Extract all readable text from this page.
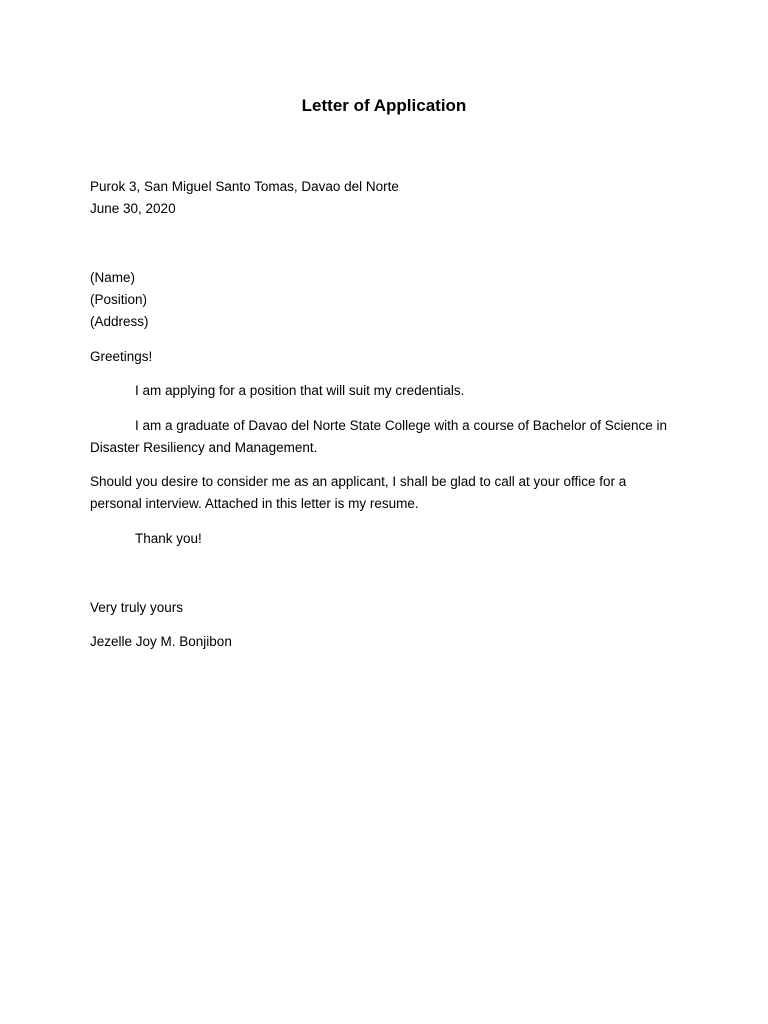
Letter of Application
Purok 3, San Miguel Santo Tomas, Davao del Norte
June 30, 2020
(Name)
(Position)
(Address)
Greetings!
I am applying for a position that will suit my credentials.
I am a graduate of Davao del Norte State College with a course of Bachelor of Science in
Disaster Resiliency and Management.
Should you desire to consider me as an applicant, I shall be glad to call at your office for a
personal interview. Attached in this letter is my resume.
Thank you!
Very truly yours
Jezelle Joy M. Bonjibon
